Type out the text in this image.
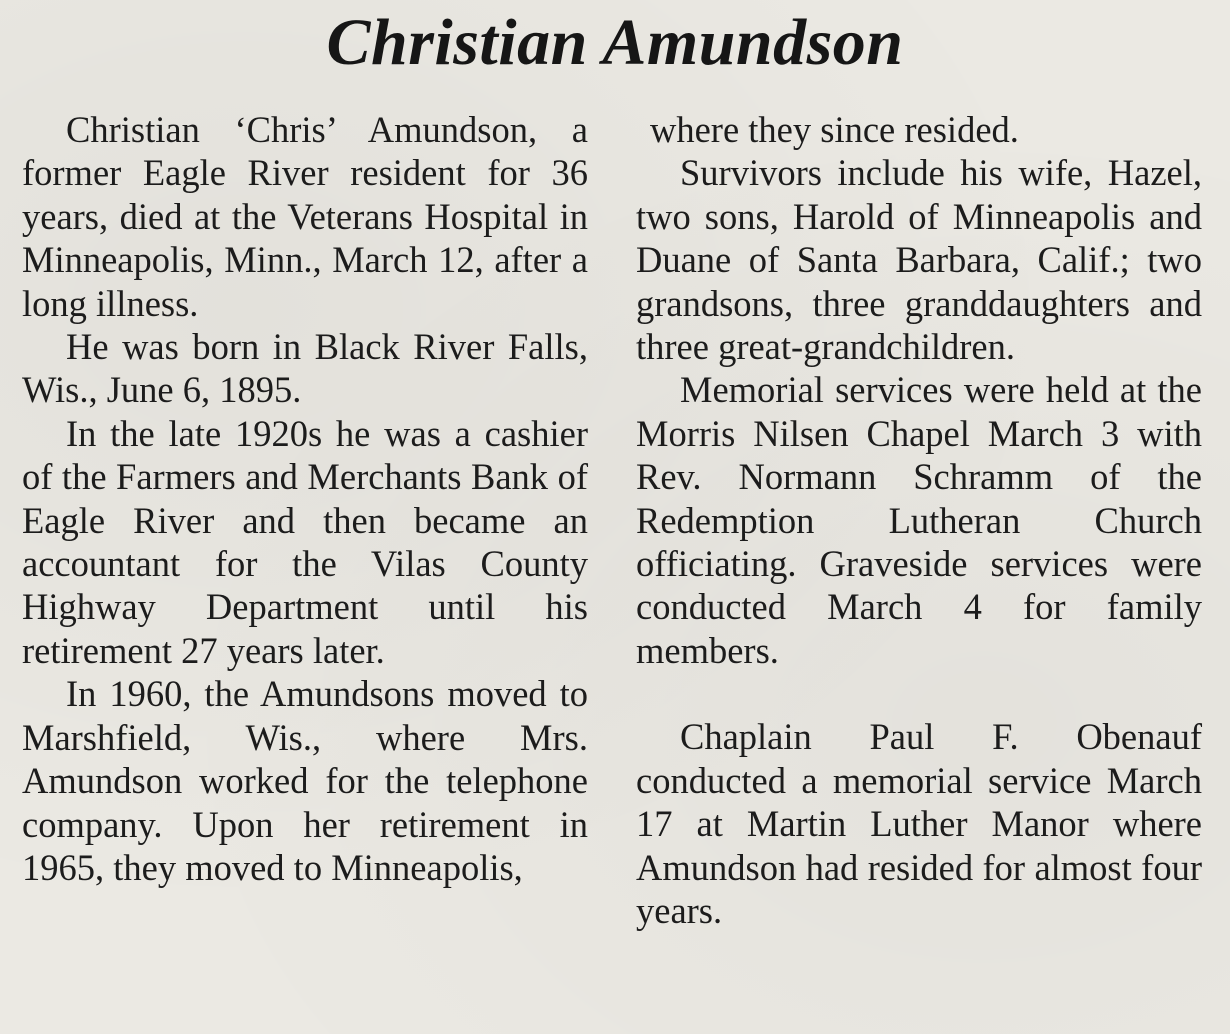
Christian Amundson

Christian ‘Chris’ Amundson, a former Eagle River resident for 36 years, died at the Veterans Hospital in Minneapolis, Minn., March 12, after a long illness.

He was born in Black River Falls, Wis., June 6, 1895.

In the late 1920s he was a cashier of the Farmers and Merchants Bank of Eagle River and then became an accountant for the Vilas County Highway Department until his retirement 27 years later.

In 1960, the Amundsons moved to Marshfield, Wis., where Mrs. Amundson worked for the telephone company. Upon her retirement in 1965, they moved to Minneapolis,

where they since resided.

Survivors include his wife, Hazel, two sons, Harold of Minneapolis and Duane of Santa Barbara, Calif.; two grandsons, three granddaughters and three great-grandchildren.

Memorial services were held at the Morris Nilsen Chapel March 3 with Rev. Normann Schramm of the Redemption Lutheran Church officiating. Graveside services were conducted March 4 for family members.

Chaplain Paul F. Obenauf conducted a memorial service March 17 at Martin Luther Manor where Amundson had resided for almost four years.
